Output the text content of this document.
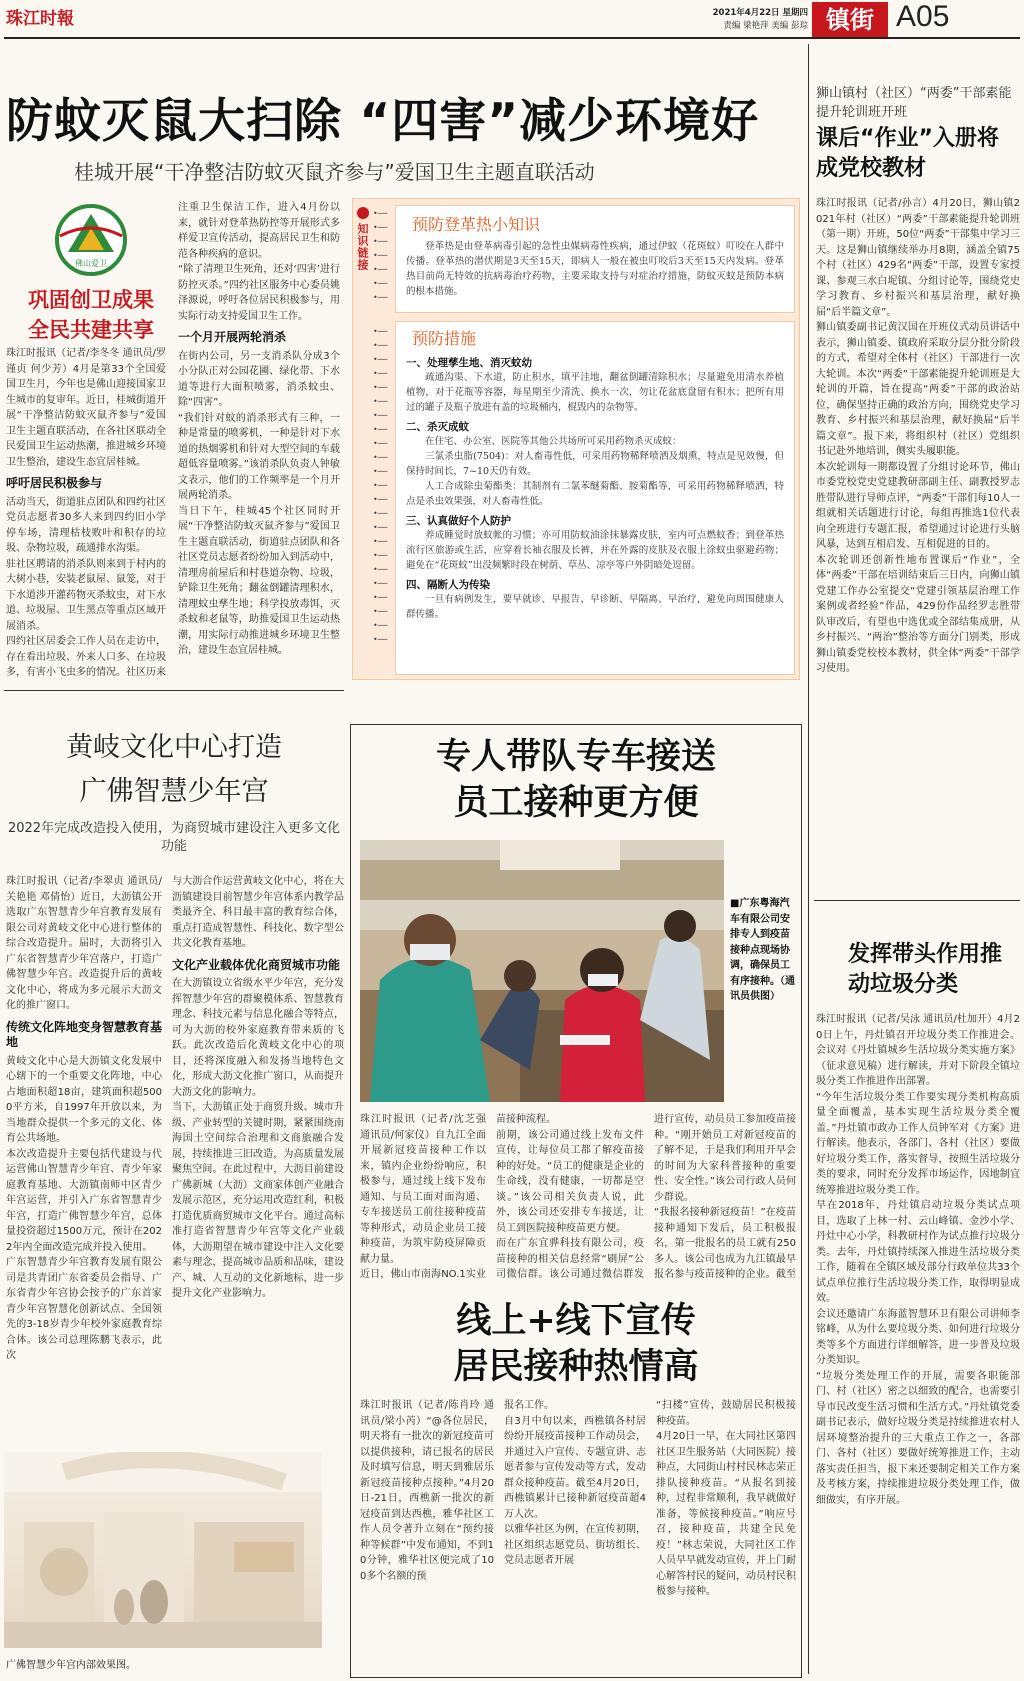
珠江时報	2021年4月22日 星期四
责编 梁艳萍 美编 彭琮 镇街 A05
防蚊灭鼠大扫除 “四害”减少环境好
桂城开展“干净整洁防蚊灭鼠齐参与”爱国卫生主题直联活动
佛山爱卫
巩固创卫成果
全民共建共享

珠江时报讯（记者/李冬冬 通讯员/罗谨贞 何少芳）4月是第33个全国爱国卫生月，今年也是佛山迎接国家卫生城市的复审年。近日，桂城街道开展“干净整洁防蚊灭鼠齐参与”爱国卫生主题直联活动，在各社区联动全民爱国卫生运动热潮，推进城乡环境卫生整治，建设生态宜居桂城。

呼吁居民积极参与

活动当天，街道驻点团队和四约社区党员志愿者30多人来到四约旧小学停车场，清理枯枝败叶和积存的垃圾、杂物垃圾，疏通排水沟渠。

驻社区聘请的消杀队则来到于村内的大树小巷，安装老鼠屋、鼠笼，对于下水道涉开灌药物灭杀蚊虫，对下水道、垃圾屋、卫生黑点等重点区域开展消杀。

四约社区居委会工作人员在走访中，存在看出垃圾、外来人口多、在垃圾多，有害小飞虫多的情况。社区历来

注重卫生保洁工作，进入4月份以来，就针对登革热防控等开展形式多样爱卫宣传活动，提高居民卫生和防范各种疾病的意识。

“除了清理卫生死角，还对‘四害’进行防控灭杀。”四约社区服务中心委员姚泽源说，呼吁各位居民积极参与，用实际行动支持爱国卫生工作。

一个月开展两轮消杀

在街内公司，另一支消杀队分成3个小分队正对公园花圃、绿化带、下水道等进行大面积喷雾，消杀蚊虫、除“四害”。

“我们针对蚊的消杀形式有三种，一种是常量的喷雾机，一种是针对下水道的热烟雾机和针对大型空间的车载超低容量喷雾。”该消杀队负责人钟敏文表示，他们的工作频率是一个月开展两轮消杀。

当日下午，桂城45个社区同时开展“干净整洁防蚊灭鼠齐参与”爱国卫生主题直联活动，街道驻点团队和各社区党员志愿者纷纷加入到活动中，清理房前屋后和村巷道杂物、垃圾，铲除卫生死角；翻盆倒罐清理积水，清理蚊虫孳生地；科学投放毒饵，灭杀蚊和老鼠等，助推爱国卫生运动热潮，用实际行动推进城乡环境卫生整治，建设生态宜居桂城。

知识链接
•──
•──
•──
•──
•──
•──
•──
预防登革热小知识
登革热是由登革病毒引起的急性虫媒病毒性疾病，通过伊蚊（花斑蚊）叮咬在人群中传播。登革热的潜伏期是3天至15天，即病人一般在被虫叮咬后3天至15天内发病。登革热目前尚无特效的抗病毒治疗药物，主要采取支持与对症治疗措施，防蚊灭蚊是预防本病的根本措施。
•──
•──
•──
•──
•──
•──
•──
•──
•──
•──
•──
•──
•──
•──
•──
•──
•──
•──
•──
•──
•──
•──
•──
预防措施
一、处理孳生地、消灭蚊幼
疏通沟渠、下水道，防止积水，填平洼地，翻盆倒罐清除积水；尽量避免用清水养植植物，对于花瓶等容器，每星期至少清洗、换水一次，勿让花盆底盘留有积水；把所有用过的罐子及瓶子放进有盖的垃圾桶内，棍毁内的杂物等。
二、杀灭成蚊
在住宅、办公室、医院等其他公共场所可采用药物杀灭成蚊：
三氯杀虫脂(7504)：对人畜毒性低，可采用药物稀释喷洒及烟熏，特点是见效慢，但保持时间长，7~10天仍有效。
人工合成除虫菊酯类：其制剂有二氯苯醚菊酯、胺菊酯等，可采用药物稀释喷洒，特点是杀虫效果强，对人畜毒性低。
三、认真做好个人防护
养成睡觉时放蚊帐的习惯；亦可用防蚊油涂抹暴露皮肤，室内可点燃蚊香；到登革热流行区旅游或生活，应穿着长袖衣服及长裤，并在外露的皮肤及衣服上涂蚊虫驱避药物；避免在“花斑蚊”出没频繁时段在树荫、草丛、凉亭等户外阴暗处逗留。
四、隔断人为传染
一旦有病例发生，要早就诊、早报告、早诊断、早隔离、早治疗，避免向周围健康人群传播。
狮山镇村（社区）“两委”干部素能提升轮训班开班
课后“作业”入册将成党校教材

珠江时报讯（记者/孙言）4月20日，狮山镇2021年村（社区）“两委”干部素能提升轮训班（第一期）开班，50位“两委”干部集中学习三天。这是狮山镇继续举办月8期，涵盖全镇75个村（社区）429名“两委”干部，设置专家授课、参观三水白坭镇、分组讨论等，围绕党史学习教育、乡村振兴和基层治理，献好换届“后半篇文章”。

狮山镇委副书记黄汉国在开班仪式动员讲话中表示，狮山镇委、镇政府采取分层分批分阶段的方式，希望对全体村（社区）干部进行一次大轮训。本次“两委”干部素能提升轮训班是大轮训的开篇，旨在提高“两委”干部的政治站位，确保坚持正确的政治方向，围绕党史学习教育、乡村振兴和基层治理，献好换届“后半篇文章”。报下来，将组织村（社区）党组织书记赴外地培训，侧实头履职能。

本次轮训每一期都设置了分组讨论环节，佛山市委党校党史党建教研部副主任、副教授罗志胜带队进行导师点评，“两委”干部们每10人一组就相关话题进行讨论，每组再推选1位代表向全班进行专题汇报，希望通过讨论进行头脑风暴，达到互相启发、互相促进的目的。

本次轮训还创新性地布置课后“作业”，全体“两委”干部在培训结束后三日内，向狮山镇党建工作办公室提交“党建引领基层治理工作案例或者经验”作品，429份作品经罗志胜带队审改后，有望也中选优或全部结集成册，从乡村振兴、“两治”整治等方面分门别类，形成狮山镇委党校校本教材，供全体“两委”干部学习使用。

发挥带头作用推动垃圾分类

珠江时报讯（记者/吴泳 通讯员/杜加开）4月20日上午，丹灶镇召开垃圾分类工作推进会。会议对《丹灶镇城乡生活垃圾分类实施方案》（征求意见稿）进行解读，并对下阶段全镇垃圾分类工作推进作出部署。

“今年生活垃圾分类工作要实现分类机构高质量全面覆盖，基本实现生活垃圾分类全覆盖。”丹灶镇市政办工作人员钟军对《方案》进行解读。他表示，各部门、各村（社区）要做好垃圾分类工作，落实督导，按照生活垃圾分类的要求，同时充分发挥市场运作，因地制宜统筹推进垃圾分类工作。

早在2018年，丹灶镇启动垃圾分类试点项目，选取了上林一村、云山峰镇、金沙小学、丹灶中心小学，科教研村作为试点推行垃圾分类。去年，丹灶镇持续深入推进生活垃圾分类工作，随着在全镇区域及部分行政单位共33个试点单位推行生活垃圾分类工作，取得明显成效。

会议还邀请广东海蓝智慧环卫有限公司讲师李铭峰，从为什么要垃圾分类、如何进行垃圾分类等多个方面进行详细解答，进一步普及垃圾分类知识。

“垃圾分类处理工作的开展，需要各职能部门、村（社区）密之以细致的配合，也需要引导市民改变生活习惯和生活方式。”丹灶镇党委副书记表示，做好垃圾分类是持续推进农村人居环境整治提升的三大重点工作之一，各部门、各村（社区）要做好统筹推进工作，主动落实责任担当，报下来还要制定相关工作方案及考核方案，持续推进垃圾分类处理工作，做细做实，有序开展。

黄岐文化中心打造
广佛智慧少年宫
2022年完成改造投入使用，为商贸城市建设注入更多文化功能

珠江时报讯（记者/李翠贞 通讯员/关艳艳 邓倩怡）近日，大沥镇公开选取广东智慧青少年宫教育发展有限公司对黄岐文化中心进行整体的综合改造提升。届时，大沥将引入广东省智慧青少年宫落户，打造广佛智慧少年宫。改造提升后的黄岐文化中心，将成为多元展示大沥文化的推广窗口。

传统文化阵地变身智慧教育基地

黄岐文化中心是大沥镇文化发展中心辖下的一个重要文化阵地，中心占地面积超18亩，建筑面积超5000平方米，自1997年开放以来，为当地群众提供一个多元的文化、体育公共场地。

本次改造提升主要包括代建设与代运营佛山智慧青少年宫、青少年家庭教育基地、大沥镇南师中区青少年宫运营，并引入广东省智慧青少年宫，打造广佛智慧少年宫，总体量投资超过1500万元，预计在2022年内全面改造完成并投入使用。

广东智慧青少年宫教育发展有限公司是共青团广东省委员会指导、广东省青少年宫协会按予的广东首家青少年宫智慧化创新试点、全国领先的3-18岁青少年校外家庭教育综合体。该公司总理陈鹏飞表示，此次

与大沥合作运营黄岐文化中心，将在大沥镇建设目前智慧少年宫体系内教学品类最齐全、科目最丰富的教育综合体，重点打造成智慧性、科技化、数字型公共文化教育基地。

文化产业载体优化商贸城市功能

在大沥镇设立省级水平少年宫，充分发挥智慧少年宫的群聚模体系、智慧教育理念、科技元素与信息化融合等特点，可为大沥的校外家庭教育带来质的飞跃。此次改造后化黄岐文化中心的项目，还将深度融入和发扬当地特色文化，形成大沥文化推广窗口，从而提升大沥文化的影响力。

当下，大沥镇正处于商贸升级、城市升级、产业转型的关键时期，紧紧围绕南海国土空间综合治理和文商旅融合发展，持续推进三旧改造，为高质量发展聚焦空间。在此过程中，大沥目前建设广佛新城（大沥）文商家体创产业融合发展示范区，充分运用改造红利，积极打造优质商贸城市文化平台。通过高标准打造省智慧青少年宫等文化产业载体，大沥期望在城市建设中注入文化要素与理念，提高城市品质和品味，建设产、城、人互动的文化新地标，进一步提升文化产业影响力。

广佛智慧少年宫内部效果图。
专人带队专车接送
员工接种更方便
■广东粤海汽车有限公司安排专人到疫苗接种点现场协调，确保员工有序接种。（通讯员供图）

珠江时报讯（记者/沈芝强 通讯员/何家仪）自九江全面开展新冠疫苗接种工作以来，镇内企业纷纷响应，积极参与，通过线上线下发布通知、与员工面对面沟通、专车接送员工前往接种疫苗等种形式，动员企业员工接种疫苗，为筑牢防疫屏障贡献力量。

近日，佛山市南海NO.1实业

苗接种流程。

前期，该公司通过线上发布文件宣传，让每位员工都了解疫苗接种的好处。“员工的健康是企业的生命线，没有健康，一切都是空谈。”该公司相关负责人说，此外，该公司还安排专车接送，让员工到医院接种疫苗更方便。

而在广东宜骅科技有限公司，疫苗接种的相关信息经常“刷屏”公司微信群。该公司通过微信群发

进行宣传，动员员工参加疫苗接种。“刚开始员工对新冠疫苗的了解不足，于是我们利用开早会的时间为大家科普接种的重要性、安全性。”该公司行政人员何少群说。

“我报名接种新冠疫苗！”在疫苗接种通知下发后，员工积极报名，第一批报名的员工就有250多人。该公司也成为九江镇最早报名参与疫苗接种的企业。截至

线上+线下宣传
居民接种热情高

珠江时报讯（记者/陈肖玲 通讯员/梁小芮）“@各位居民，明天将有一批次的新冠疫苗可以提供接种，请已报名的居民及时填写信息，明天到雅居乐新冠疫苗接种点接种。”4月20日-21日，西樵新一批次的新冠疫苗到达西樵，雅华社区工作人员令著升立刻在“预约接种等候群”中发布通知，不到10分钟，雅华社区便完成了100多个名额的预

报名工作。

自3月中旬以来，西樵镇各村居纷纷开展疫苗接种工作动员会，并通过入户宣传、专题宣讲、志愿者参与宣传发动等方式，发动群众接种疫苗。截至4月20日，西樵镇累计已接种新冠疫苗超4万人次。

以雅华社区为例，在宣传初期，社区组织志愿党员、街坊组长、党员志愿者开展

“扫楼”宣传，鼓励居民积极接种疫苗。

4月20日一早，在大同社区第四社区卫生服务站（大同医院）接种点，大同街山村村民林志荣正排队接种疫苗。“从报名到接种，过程非常顺利，我早就做好准备，等候接种疫苗。”响应号召，接种疫苗，共建全民免疫！”林志荣说，大同社区工作人员早早就发动宣传，并上门耐心解答村民的疑问，动员村民积极参与接种。
